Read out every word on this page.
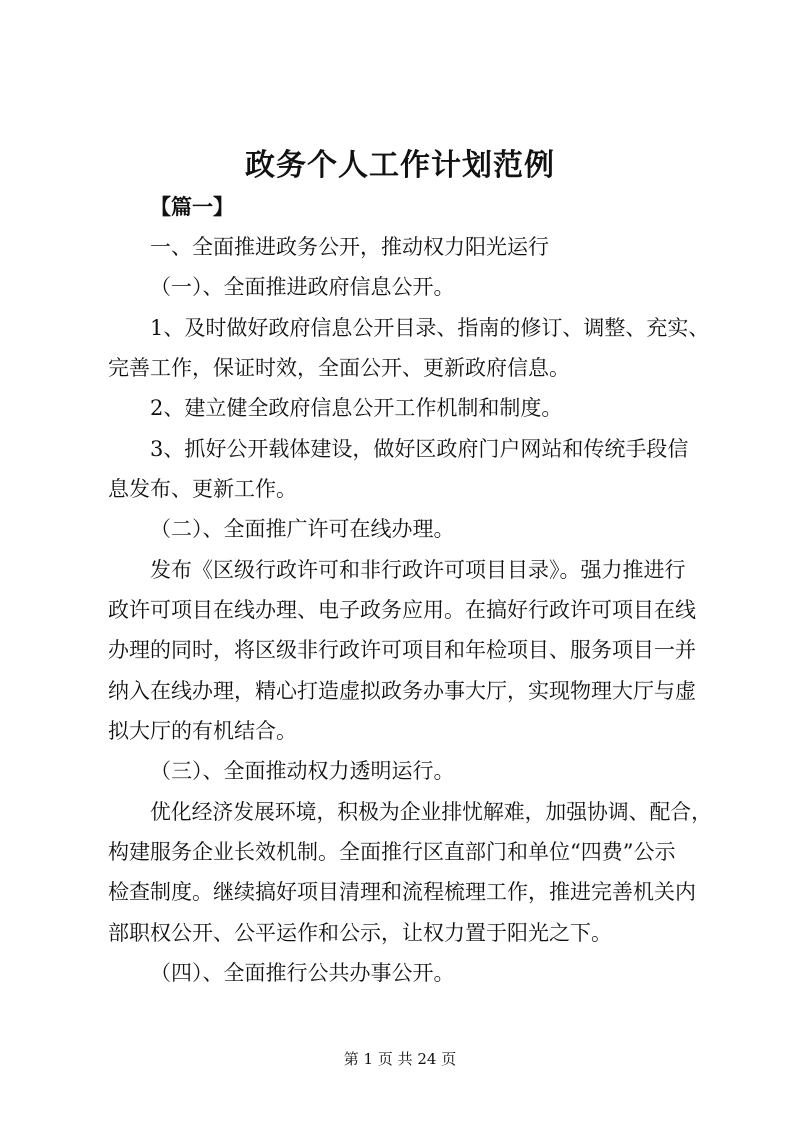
政务个人工作计划范例
【篇一】
一、全面推进政务公开，推动权力阳光运行
（一）、全面推进政府信息公开。
1、及时做好政府信息公开目录、指南的修订、调整、充实、
完善工作，保证时效，全面公开、更新政府信息。
2、建立健全政府信息公开工作机制和制度。
3、抓好公开载体建设，做好区政府门户网站和传统手段信
息发布、更新工作。
（二）、全面推广许可在线办理。
发布《区级行政许可和非行政许可项目目录》。强力推进行
政许可项目在线办理、电子政务应用。在搞好行政许可项目在线
办理的同时，将区级非行政许可项目和年检项目、服务项目一并
纳入在线办理，精心打造虚拟政务办事大厅，实现物理大厅与虚
拟大厅的有机结合。
（三）、全面推动权力透明运行。
优化经济发展环境，积极为企业排忧解难，加强协调、配合，
构建服务企业长效机制。全面推行区直部门和单位“四费”公示
检查制度。继续搞好项目清理和流程梳理工作，推进完善机关内
部职权公开、公平运作和公示，让权力置于阳光之下。
（四）、全面推行公共办事公开。
第 1 页 共 24 页
